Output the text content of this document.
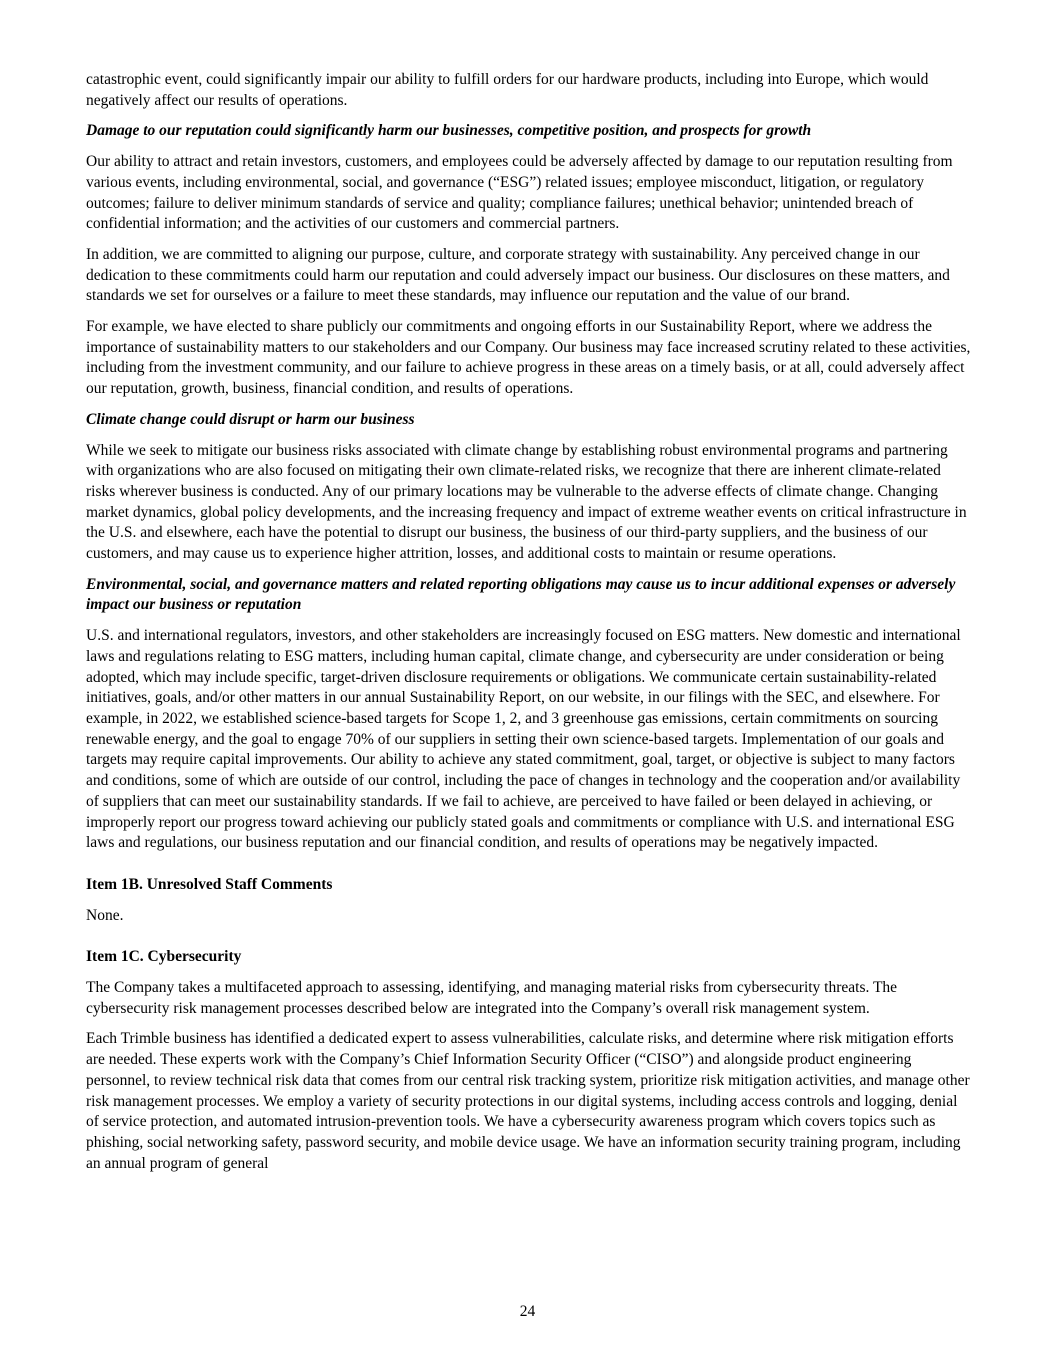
catastrophic event, could significantly impair our ability to fulfill orders for our hardware products, including into Europe, which would negatively affect our results of operations.

Damage to our reputation could significantly harm our businesses, competitive position, and prospects for growth

Our ability to attract and retain investors, customers, and employees could be adversely affected by damage to our reputation resulting from various events, including environmental, social, and governance (“ESG”) related issues; employee misconduct, litigation, or regulatory outcomes; failure to deliver minimum standards of service and quality; compliance failures; unethical behavior; unintended breach of confidential information; and the activities of our customers and commercial partners.

In addition, we are committed to aligning our purpose, culture, and corporate strategy with sustainability. Any perceived change in our dedication to these commitments could harm our reputation and could adversely impact our business. Our disclosures on these matters, and standards we set for ourselves or a failure to meet these standards, may influence our reputation and the value of our brand.

For example, we have elected to share publicly our commitments and ongoing efforts in our Sustainability Report, where we address the importance of sustainability matters to our stakeholders and our Company. Our business may face increased scrutiny related to these activities, including from the investment community, and our failure to achieve progress in these areas on a timely basis, or at all, could adversely affect our reputation, growth, business, financial condition, and results of operations.

Climate change could disrupt or harm our business

While we seek to mitigate our business risks associated with climate change by establishing robust environmental programs and partnering with organizations who are also focused on mitigating their own climate-related risks, we recognize that there are inherent climate-related risks wherever business is conducted. Any of our primary locations may be vulnerable to the adverse effects of climate change. Changing market dynamics, global policy developments, and the increasing frequency and impact of extreme weather events on critical infrastructure in the U.S. and elsewhere, each have the potential to disrupt our business, the business of our third-party suppliers, and the business of our customers, and may cause us to experience higher attrition, losses, and additional costs to maintain or resume operations.

Environmental, social, and governance matters and related reporting obligations may cause us to incur additional expenses or adversely impact our business or reputation

U.S. and international regulators, investors, and other stakeholders are increasingly focused on ESG matters. New domestic and international laws and regulations relating to ESG matters, including human capital, climate change, and cybersecurity are under consideration or being adopted, which may include specific, target-driven disclosure requirements or obligations. We communicate certain sustainability-related initiatives, goals, and/or other matters in our annual Sustainability Report, on our website, in our filings with the SEC, and elsewhere. For example, in 2022, we established science-based targets for Scope 1, 2, and 3 greenhouse gas emissions, certain commitments on sourcing renewable energy, and the goal to engage 70% of our suppliers in setting their own science-based targets. Implementation of our goals and targets may require capital improvements. Our ability to achieve any stated commitment, goal, target, or objective is subject to many factors and conditions, some of which are outside of our control, including the pace of changes in technology and the cooperation and/or availability of suppliers that can meet our sustainability standards. If we fail to achieve, are perceived to have failed or been delayed in achieving, or improperly report our progress toward achieving our publicly stated goals and commitments or compliance with U.S. and international ESG laws and regulations, our business reputation and our financial condition, and results of operations may be negatively impacted.

Item 1B. Unresolved Staff Comments

None.

Item 1C. Cybersecurity

The Company takes a multifaceted approach to assessing, identifying, and managing material risks from cybersecurity threats. The cybersecurity risk management processes described below are integrated into the Company’s overall risk management system.

Each Trimble business has identified a dedicated expert to assess vulnerabilities, calculate risks, and determine where risk mitigation efforts are needed. These experts work with the Company’s Chief Information Security Officer (“CISO”) and alongside product engineering personnel, to review technical risk data that comes from our central risk tracking system, prioritize risk mitigation activities, and manage other risk management processes. We employ a variety of security protections in our digital systems, including access controls and logging, denial of service protection, and automated intrusion-prevention tools. We have a cybersecurity awareness program which covers topics such as phishing, social networking safety, password security, and mobile device usage. We have an information security training program, including an annual program of general

24
